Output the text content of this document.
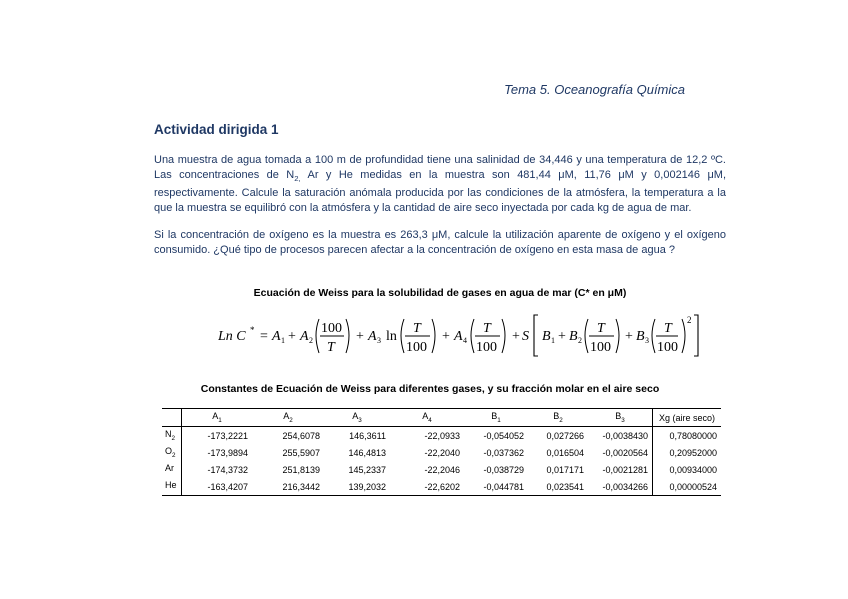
Tema 5. Oceanografía Química
Actividad dirigida 1
Una muestra de agua tomada a 100 m de profundidad tiene una salinidad de 34,446 y una temperatura de 12,2 ºC. Las concentraciones de $N_{2,}$ Ar y He medidas en la muestra son 481,44 μM, 11,76 μM y 0,002146 μM, respectivamente. Calcule la saturación anómala producida por las condiciones de la atmósfera, la temperatura a la que la muestra se equilibró con la atmósfera y la cantidad de aire seco inyectada por cada kg de agua de mar.
Si la concentración de oxígeno es la muestra es 263,3 μM, calcule la utilización aparente de oxígeno y el oxígeno consumido. ¿Qué tipo de procesos parecen afectar a la concentración de oxígeno en esta masa de agua ?
Ecuación de Weiss para la solubilidad de gases en agua de mar (C* en μM)
Ln C * = A 1 + A 2
100
T
+ A 3 ln
T
100
+ A 4
T
100
+ S B 1 + B 2
T
100
+ B 3
T
100
2
Constantes de Ecuación de Weiss para diferentes gases, y su fracción molar en el aire seco
	$A_1$	$A_2$	$A_3$	$A_4$	$B_1$	$B_2$	$B_3$	Xg (aire seco)
$N_2$	-173,2221	254,6078	146,3611	-22,0933	-0,054052	0,027266	-0,0038430	0,78080000
$O_2$	-173,9894	255,5907	146,4813	-22,2040	-0,037362	0,016504	-0,0020564	0,20952000
Ar	-174,3732	251,8139	145,2337	-22,2046	-0,038729	0,017171	-0,0021281	0,00934000
He	-163,4207	216,3442	139,2032	-22,6202	-0,044781	0,023541	-0,0034266	0,00000524
